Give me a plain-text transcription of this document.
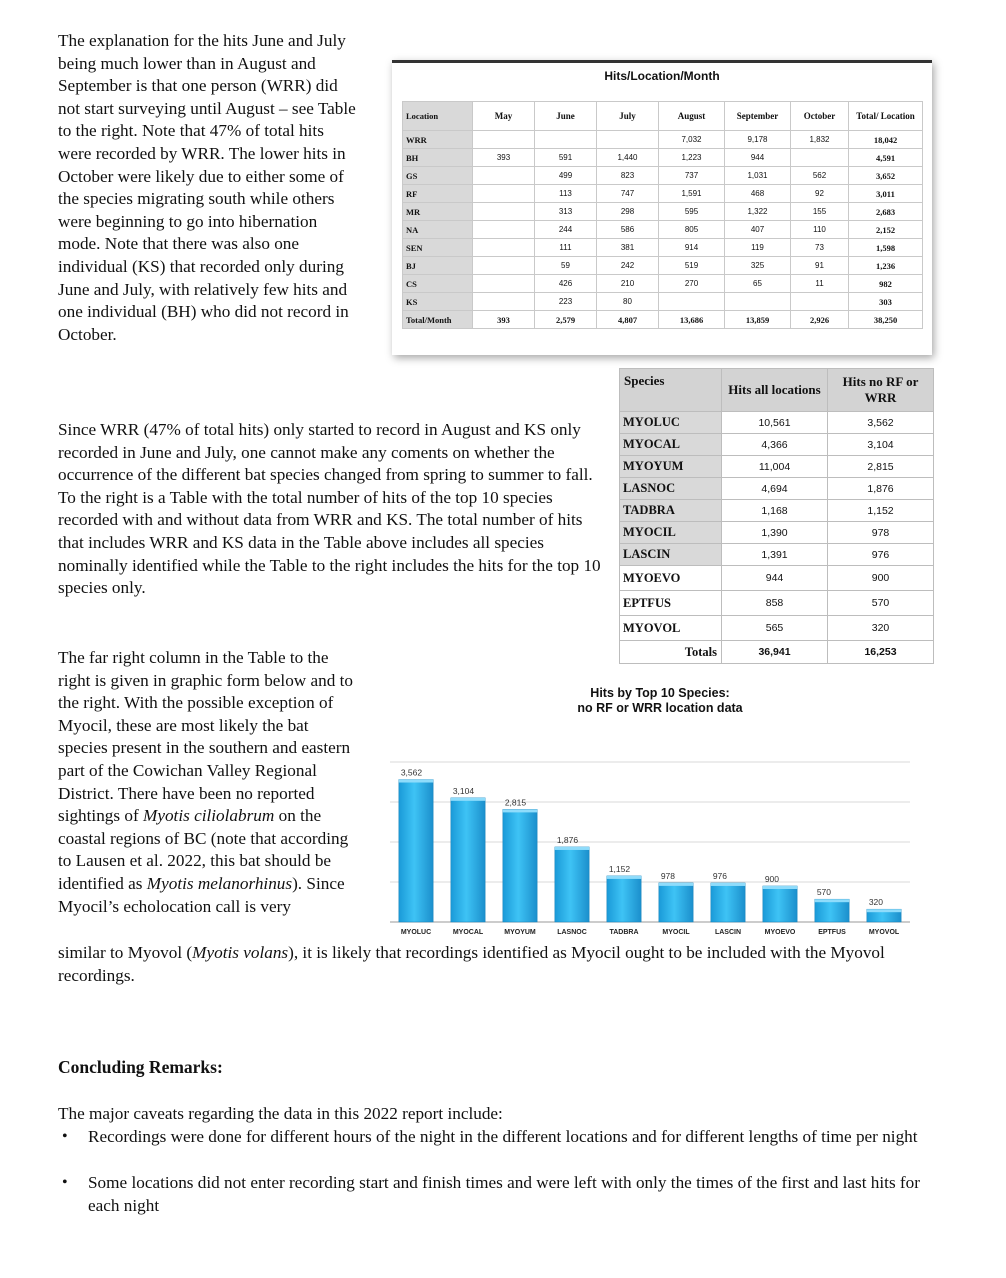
The explanation for the hits June and July being much lower than in August and September is that one person (WRR) did not start surveying until August – see Table to the right. Note that 47% of total hits were recorded by WRR. The lower hits in October were likely due to either some of the species migrating south while others were beginning to go into hibernation mode. Note that there was also one individual (KS) that recorded only during June and July, with relatively few hits and one individual (BH) who did not record in October.

Hits/Location/Month
Location	May	June	July	August	September	October	Total/ Location
WRR				7,032	9,178	1,832	18,042
BH	393	591	1,440	1,223	944		4,591
GS		499	823	737	1,031	562	3,652
RF		113	747	1,591	468	92	3,011
MR		313	298	595	1,322	155	2,683
NA		244	586	805	407	110	2,152
SEN		111	381	914	119	73	1,598
BJ		59	242	519	325	91	1,236
CS		426	210	270	65	11	982
KS		223	80				303
Total/Month	393	2,579	4,807	13,686	13,859	2,926	38,250

Since WRR (47% of total hits) only started to record in August and KS only recorded in June and July, one cannot make any coments on whether the occurrence of the different bat species changed from spring to summer to fall. To the right is a Table with the total number of hits of the top 10 species recorded with and without data from WRR and KS. The total number of hits that includes WRR and KS data in the Table above includes all species nominally identified while the Table to the right includes the hits for the top 10 species only.

Species	Hits all locations	Hits no RF or WRR
MYOLUC	10,561	3,562
MYOCAL	4,366	3,104
MYOYUM	11,004	2,815
LASNOC	4,694	1,876
TADBRA	1,168	1,152
MYOCIL	1,390	978
LASCIN	1,391	976
MYOEVO	944	900
EPTFUS	858	570
MYOVOL	565	320
Totals	36,941	16,253

The far right column in the Table to the right is given in graphic form below and to the right. With the possible exception of Myocil, these are most likely the bat species present in the southern and eastern part of the Cowichan Valley Regional District. There have been no reported sightings of Myotis ciliolabrum on the coastal regions of BC (note that according to Lausen et al. 2022, this bat should be identified as Myotis melanorhinus). Since Myocil’s echolocation call is very

similar to Myovol (Myotis volans), it is likely that recordings identified as Myocil ought to be included with the Myovol recordings.

Hits by Top 10 Species:
no RF or WRR location data
3,562
MYOLUC
3,104
MYOCAL
2,815
MYOYUM
1,876
LASNOC
1,152
TADBRA
978
MYOCIL
976
LASCIN
900
MYOEVO
570
EPTFUS
320
MYOVOL
Concluding Remarks:
The major caveats regarding the data in this 2022 report include:
• Recordings were done for different hours of the night in the different locations and for different lengths of time per night
• Some locations did not enter recording start and finish times and were left with only the times of the first and last hits for each night
